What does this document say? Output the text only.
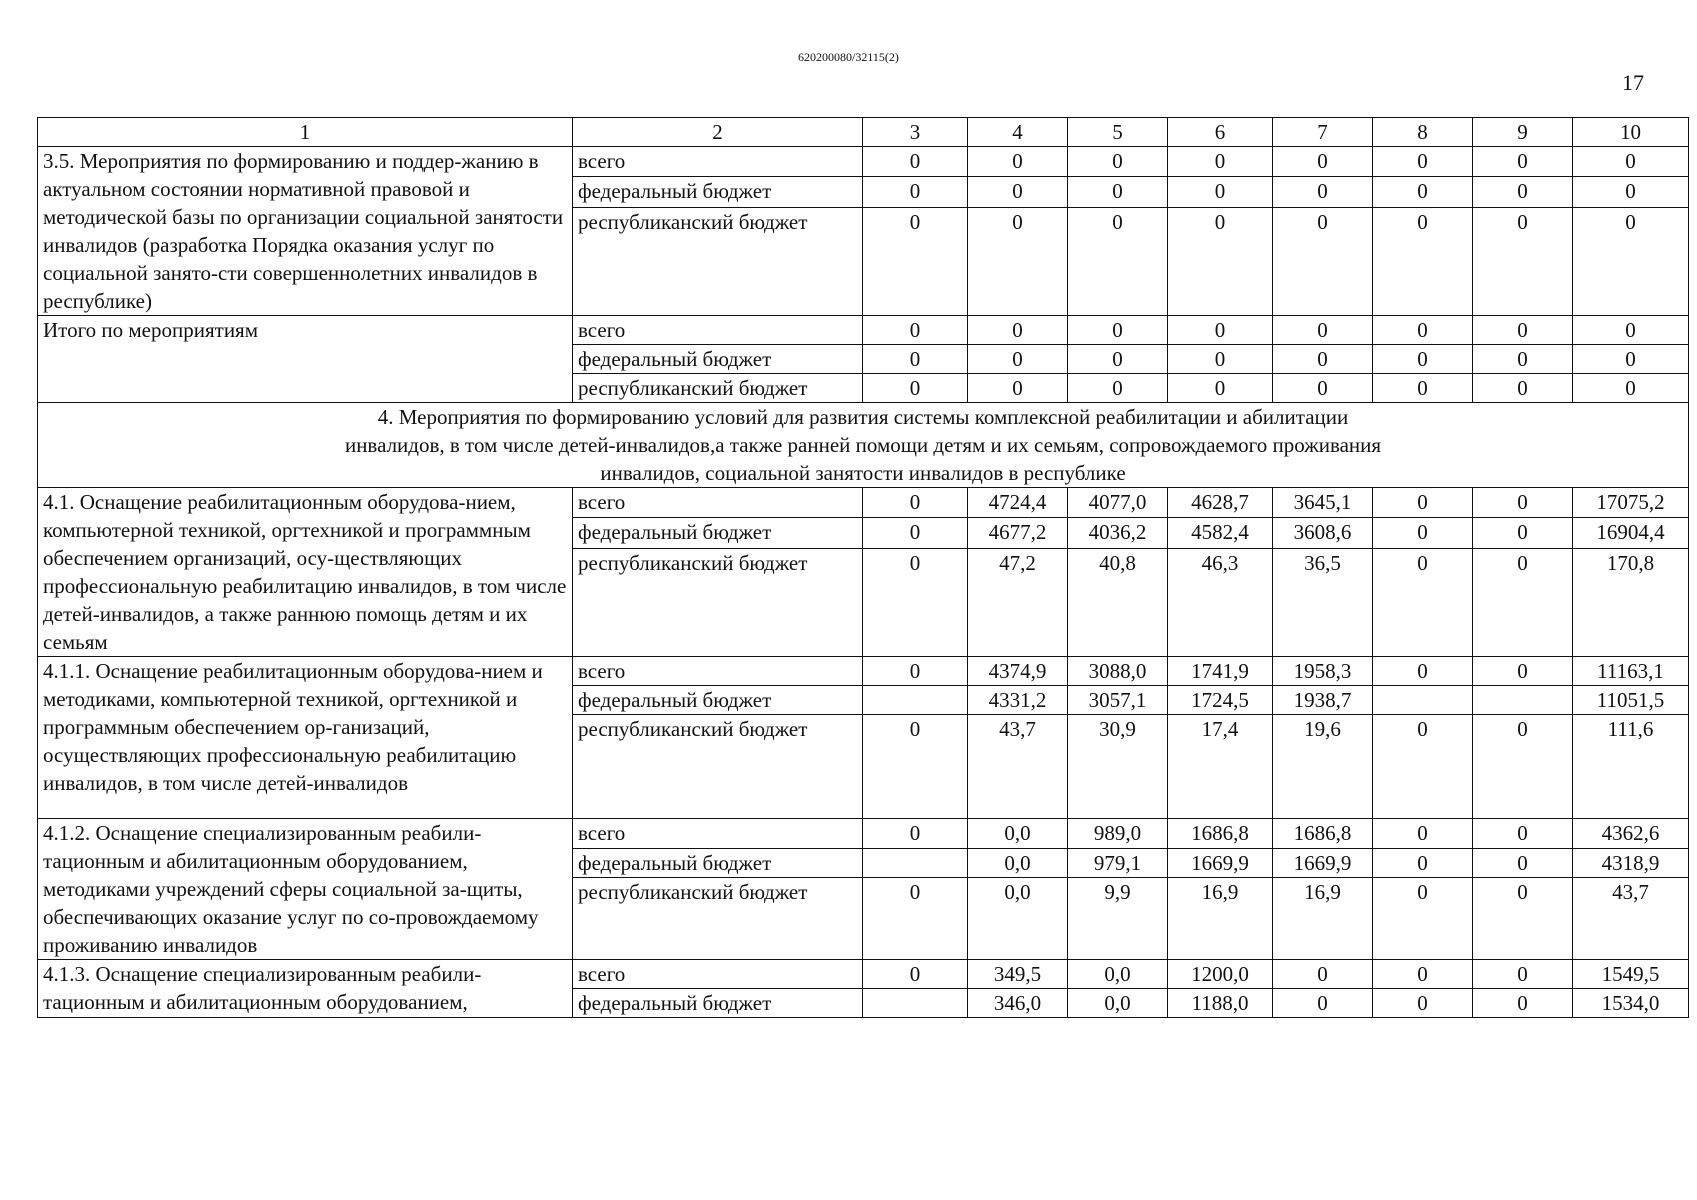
620200080/32115(2)
17
1	2	3	4	5	6	7	8	9	10
3.5. Мероприятия по формированию и поддер-жанию в актуальном состоянии нормативной правовой и методической базы по организации социальной занятости инвалидов (разработка Порядка оказания услуг по социальной занято-сти совершеннолетних инвалидов в республике)	всего	0	0	0	0	0	0	0	0
	федеральный бюджет	0	0	0	0	0	0	0	0
	республиканский бюджет	0	0	0	0	0	0	0	0
Итого по мероприятиям	всего	0	0	0	0	0	0	0	0
	федеральный бюджет	0	0	0	0	0	0	0	0
	республиканский бюджет	0	0	0	0	0	0	0	0
4. Мероприятия по формированию условий для развития системы комплексной реабилитации и абилитации инвалидов, в том числе детей-инвалидов,а также ранней помощи детям и их семьям, сопровождаемого проживания инвалидов, социальной занятости инвалидов в республике									
4.1. Оснащение реабилитационным оборудова-нием, компьютерной техникой, оргтехникой и программным обеспечением организаций, осу-ществляющих профессиональную реабилитацию инвалидов, в том числе детей-инвалидов, а также раннюю помощь детям и их семьям	всего	0	4724,4	4077,0	4628,7	3645,1	0	0	17075,2
	федеральный бюджет	0	4677,2	4036,2	4582,4	3608,6	0	0	16904,4
	республиканский бюджет	0	47,2	40,8	46,3	36,5	0	0	170,8
4.1.1. Оснащение реабилитационным оборудова-нием и методиками, компьютерной техникой, оргтехникой и программным обеспечением ор-ганизаций, осуществляющих профессиональную реабилитацию инвалидов, в том числе детей-инвалидов	всего	0	4374,9	3088,0	1741,9	1958,3	0	0	11163,1
	федеральный бюджет		4331,2	3057,1	1724,5	1938,7			11051,5
	республиканский бюджет	0	43,7	30,9	17,4	19,6	0	0	111,6
4.1.2. Оснащение специализированным реабили-тационным и абилитационным оборудованием, методиками учреждений сферы социальной за-щиты, обеспечивающих оказание услуг по со-провождаемому проживанию инвалидов	всего	0	0,0	989,0	1686,8	1686,8	0	0	4362,6
	федеральный бюджет		0,0	979,1	1669,9	1669,9	0	0	4318,9
	республиканский бюджет	0	0,0	9,9	16,9	16,9	0	0	43,7
4.1.3. Оснащение специализированным реабили-тационным и абилитационным оборудованием,	всего	0	349,5	0,0	1200,0	0	0	0	1549,5
	федеральный бюджет		346,0	0,0	1188,0	0	0	0	1534,0
